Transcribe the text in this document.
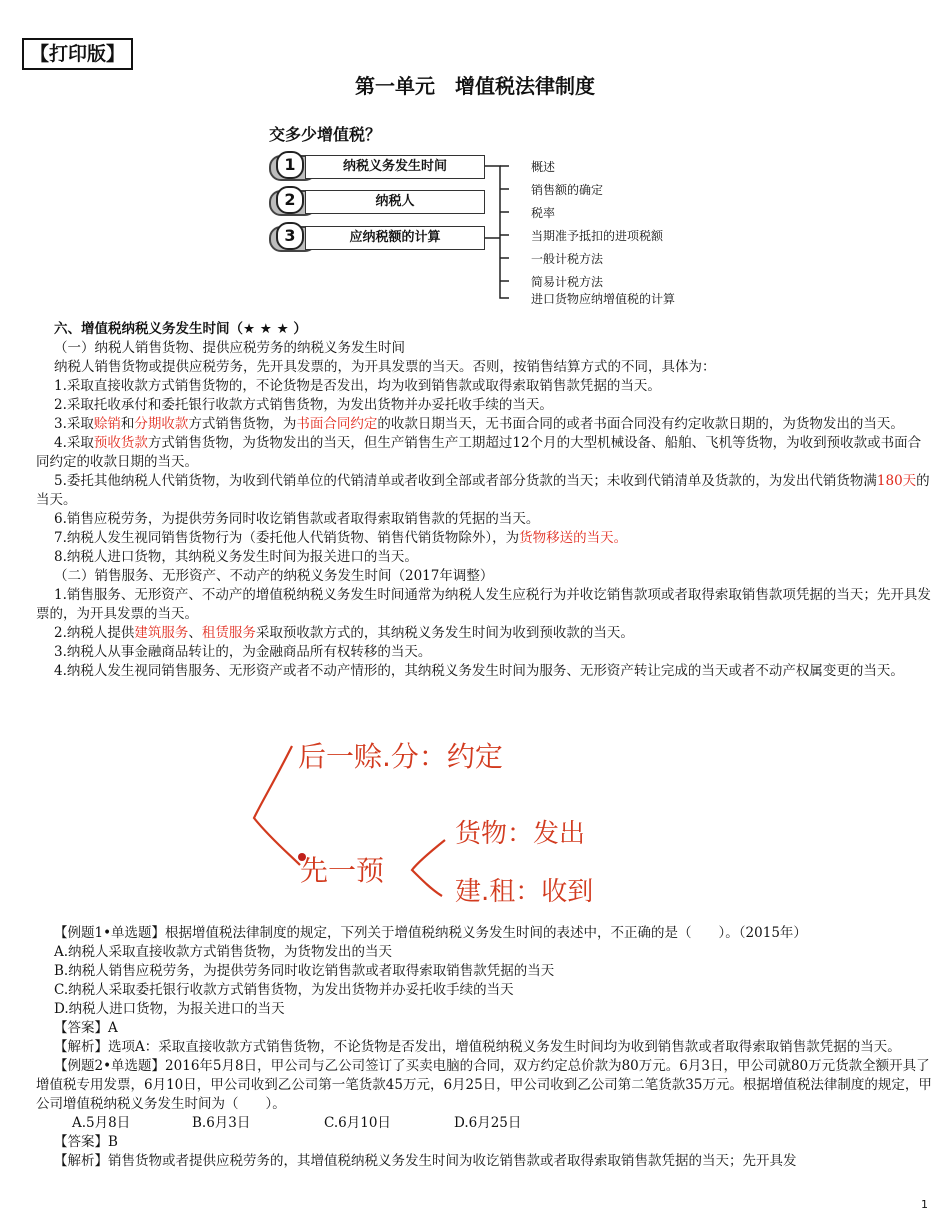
【打印版】
第一单元　增值税法律制度
交多少增值税？
1	纳税义务发生时间
2	纳税人
3	应纳税额的计算
概述
销售额的确定
税率
当期准予抵扣的进项税额
一般计税方法
简易计税方法
进口货物应纳增值税的计算

六、增值税纳税义务发生时间（★ ★ ★ ）

（一）纳税人销售货物、提供应税劳务的纳税义务发生时间

纳税人销售货物或提供应税劳务，先开具发票的，为开具发票的当天。否则，按销售结算方式的不同，具体为：

1.采取直接收款方式销售货物的，不论货物是否发出，均为收到销售款或取得索取销售款凭据的当天。

2.采取托收承付和委托银行收款方式销售货物，为发出货物并办妥托收手续的当天。

3.采取赊销和分期收款方式销售货物，为书面合同约定的收款日期当天，无书面合同的或者书面合同没有约定收款日期的，为货物发出的当天。

4.采取预收货款方式销售货物，为货物发出的当天，但生产销售生产工期超过12个月的大型机械设备、船舶、飞机等货物，为收到预收款或书面合同约定的收款日期的当天。

5.委托其他纳税人代销货物，为收到代销单位的代销清单或者收到全部或者部分货款的当天；未收到代销清单及货款的，为发出代销货物满180天的当天。

6.销售应税劳务，为提供劳务同时收讫销售款或者取得索取销售款的凭据的当天。

7.纳税人发生视同销售货物行为（委托他人代销货物、销售代销货物除外），为货物移送的当天。

8.纳税人进口货物，其纳税义务发生时间为报关进口的当天。

（二）销售服务、无形资产、不动产的纳税义务发生时间（2017年调整）

1.销售服务、无形资产、不动产的增值税纳税义务发生时间通常为纳税人发生应税行为并收讫销售款项或者取得索取销售款项凭据的当天；先开具发票的，为开具发票的当天。

2.纳税人提供建筑服务、租赁服务采取预收款方式的，其纳税义务发生时间为收到预收款的当天。

3.纳税人从事金融商品转让的，为金融商品所有权转移的当天。

4.纳税人发生视同销售服务、无形资产或者不动产情形的，其纳税义务发生时间为服务、无形资产转让完成的当天或者不动产权属变更的当天。

后一赊.分：约定
先一预
货物：发出
建.租：收到

【例题1•单选题】根据增值税法律制度的规定，下列关于增值税纳税义务发生时间的表述中，不正确的是（　　）。（2015年）

A.纳税人采取直接收款方式销售货物，为货物发出的当天

B.纳税人销售应税劳务，为提供劳务同时收讫销售款或者取得索取销售款凭据的当天

C.纳税人采取委托银行收款方式销售货物，为发出货物并办妥托收手续的当天

D.纳税人进口货物，为报关进口的当天

【答案】A

【解析】选项A：采取直接收款方式销售货物，不论货物是否发出，增值税纳税义务发生时间均为收到销售款或者取得索取销售款凭据的当天。

【例题2•单选题】2016年5月8日，甲公司与乙公司签订了买卖电脑的合同，双方约定总价款为80万元。6月3日，甲公司就80万元货款全额开具了增值税专用发票，6月10日，甲公司收到乙公司第一笔货款45万元，6月25日，甲公司收到乙公司第二笔货款35万元。根据增值税法律制度的规定，甲公司增值税纳税义务发生时间为（　　）。

A.5月8日	B.6月3日	C.6月10日	D.6月25日

【答案】B

【解析】销售货物或者提供应税劳务的，其增值税纳税义务发生时间为收讫销售款或者取得索取销售款凭据的当天；先开具发

1
